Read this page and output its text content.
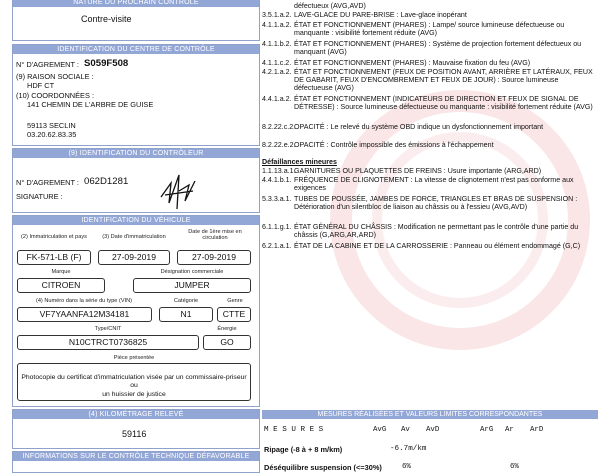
NATURE DU PROCHAIN CONTRÔLE
Contre-visite
IDENTIFICATION DU CENTRE DE CONTRÔLE
N° D'AGREMENT : S059F508
(9) RAISON SOCIALE :
HDF CT
(10) COORDONNÉES :
141 CHEMIN DE L'ARBRE DE GUISE
59113 SECLIN
03.20.62.83.35
(9) IDENTIFICATION DU CONTRÔLEUR
N° D'AGREMENT : 062D1281
SIGNATURE :
IDENTIFICATION DU VÉHICULE
(2) Immatriculation et pays	(3) Date d'immatriculation
Date de 1ère mise en circulation
FK-571-LB (F)	27-09-2019	27-09-2019
Marque	Désignation commerciale
CITROEN	JUMPER
(4) Numéro dans la série du type (VIN)	Catégorie	Genre
VF7YAANFA12M34181	N1	CTTE
Type/CNIT	Énergie
N10CTRCT0736825	GO
Pièce présentée
Photocopie du certificat d'immatriculation visée par un commissaire-priseur ou
un huissier de justice
(4) KILOMÉTRAGE RELEVÉ
59116
INFORMATIONS SUR LE CONTRÔLE TECHNIQUE DÉFAVORABLE
défectueux (AVG,AVD)
3.5.1.a.2. LAVE-GLACE DU PARE-BRISE : Lave-glace inopérant
4.1.1.a.2. ÉTAT ET FONCTIONNEMENT (PHARES) : Lampe/ source lumineuse défectueuse ou manquante : visibilité fortement réduite (AVG)
4.1.1.b.2. ÉTAT ET FONCTIONNEMENT (PHARES) : Système de projection fortement défectueux ou manquant (AVG)
4.1.1.c.2. ÉTAT ET FONCTIONNEMENT (PHARES) : Mauvaise fixation du feu (AVG)
4.2.1.a.2. ÉTAT ET FONCTIONNEMENT (FEUX DE POSITION AVANT, ARRIÈRE ET LATÉRAUX, FEUX DE GABARIT, FEUX D'ENCOMBREMENT ET FEUX DE JOUR) : Source lumineuse défectueuse (AVG)
4.4.1.a.2. ÉTAT ET FONCTIONNEMENT (INDICATEURS DE DIRECTION ET FEUX DE SIGNAL DE DÉTRESSE) : Source lumineuse défectueuse ou manquante : visibilité fortement réduite (AVG)
8.2.22.c.2.
OPACITÉ : Le relevé du système OBD indique un dysfonctionnement important
8.2.22.e.2.
OPACITÉ : Contrôle impossible des émissions à l'échappement
Défaillances mineures
1.1.13.a.1.
GARNITURES OU PLAQUETTES DE FREINS : Usure importante (ARG,ARD)
4.4.1.b.1. FRÉQUENCE DE CLIGNOTEMENT : La vitesse de clignotement n'est pas conforme aux exigences
5.3.3.a.1. TUBES DE POUSSÉE, JAMBES DE FORCE, TRIANGLES ET BRAS DE SUSPENSION : Détérioration d'un silentbloc de liaison au châssis ou à l'essieu (AVG,AVD)
6.1.1.g.1. ÉTAT GÉNÉRAL DU CHÂSSIS : Modification ne permettant pas le contrôle d'une partie du châssis (G,ARG,AR,ARD)
6.2.1.a.1. ÉTAT DE LA CABINE ET DE LA CARROSSERIE : Panneau ou élément endommagé (G,C)
MESURES RÉALISÉES ET VALEURS LIMITES CORRESPONDANTES
M E S U R E S	AvG Av AvD	ArG Ar ArD
Ripage (-8 à + 8 m/km)	-6.7m/km
Déséquilibre suspension (<=30%)	6%	6%
